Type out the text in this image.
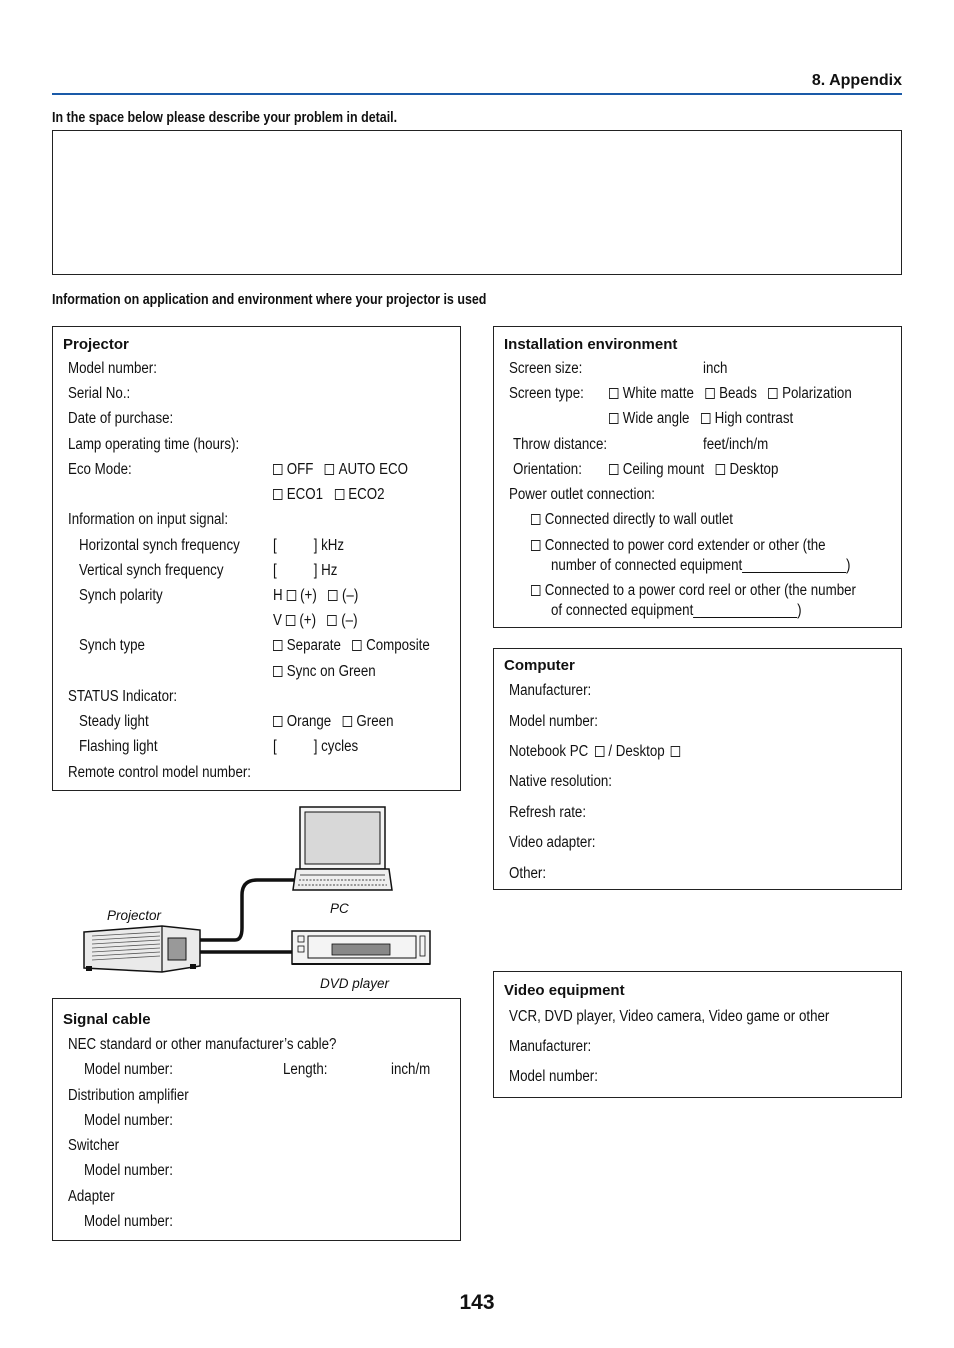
8. Appendix
In the space below please describe your problem in detail.
Information on application and environment where your projector is used
Projector
Model number:
Serial No.:
Date of purchase:
Lamp operating time (hours):
Eco Mode:	OFF AUTO ECO
ECO1 ECO2
Information on input signal:
Horizontal synch frequency [          ] kHz
Vertical synch frequency	[          ] Hz
Synch polarity	H (+) (–)
V (+) (–)
Synch type	Separate Composite
Sync on Green
STATUS Indicator:
Steady light	Orange Green
Flashing light	[          ] cycles
Remote control model number:
Installation environment
Screen size:	inch
Screen type:	White matte Beads Polarization
Wide angle High contrast
Throw distance:	feet/inch/m
Orientation:	Ceiling mount Desktop
Power outlet connection:
Connected directly to wall outlet
Connected to power cord extender or other (the
number of connected equipment______________)
Connected to a power cord reel or other (the number
of connected equipment______________)
Computer
Manufacturer:
Model number:
Notebook PC / Desktop
Native resolution:
Refresh rate:
Video adapter:
Other:
Projector	PC
DVD player	Video equipment
VCR, DVD player, Video camera, Video game or other
Manufacturer:
Model number:
Signal cable
NEC standard or other manufacturer’s cable?
Model number:	Length:	inch/m
Distribution amplifier
Model number:
Switcher
Model number:
Adapter
Model number:
143
